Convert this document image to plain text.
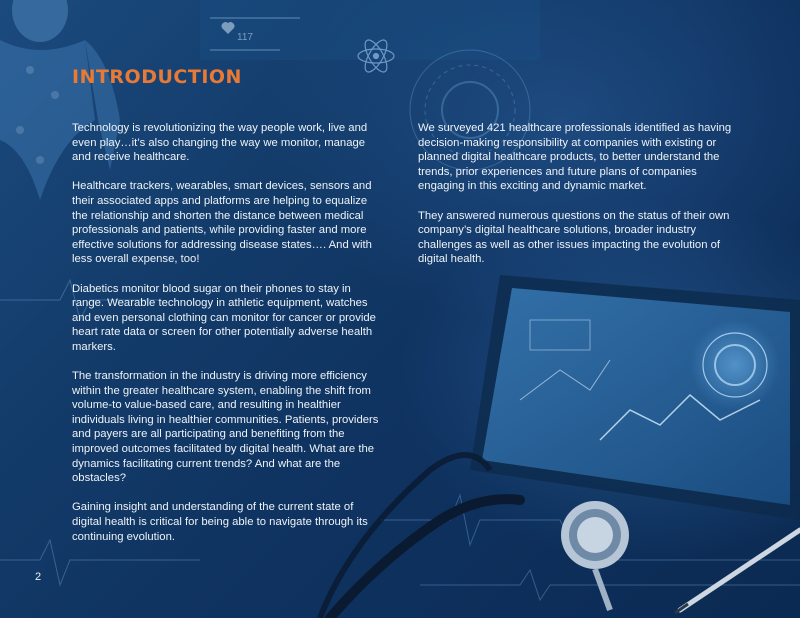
117
INTRODUCTION

Technology is revolutionizing the way people work, live and even play…it’s also changing the way we monitor, manage and receive healthcare.

Healthcare trackers, wearables, smart devices, sensors and their associated apps and platforms are helping to equalize the relationship and shorten the distance between medical professionals and patients, while providing faster and more effective solutions for addressing disease states…. And with less overall expense, too!

Diabetics monitor blood sugar on their phones to stay in range. Wearable technology in athletic equipment, watches and even personal clothing can monitor for cancer or provide heart rate data or screen for other potentially adverse health markers.

The transformation in the industry is driving more efficiency within the greater healthcare system, enabling the shift from volume-to value-based care, and resulting in healthier individuals living in healthier communities. Patients, providers and payers are all participating and benefiting from the improved outcomes facilitated by digital health. What are the dynamics facilitating current trends? And what are the obstacles?

Gaining insight and understanding of the current state of digital health is critical for being able to navigate through its continuing evolution.

We surveyed 421 healthcare professionals identified as having decision-making responsibility at companies with existing or planned digital healthcare products, to better understand the trends, prior experiences and future plans of companies engaging in this exciting and dynamic market.

They answered numerous questions on the status of their own company’s digital healthcare solutions, broader industry challenges as well as other issues impacting the evolution of digital health.

2
